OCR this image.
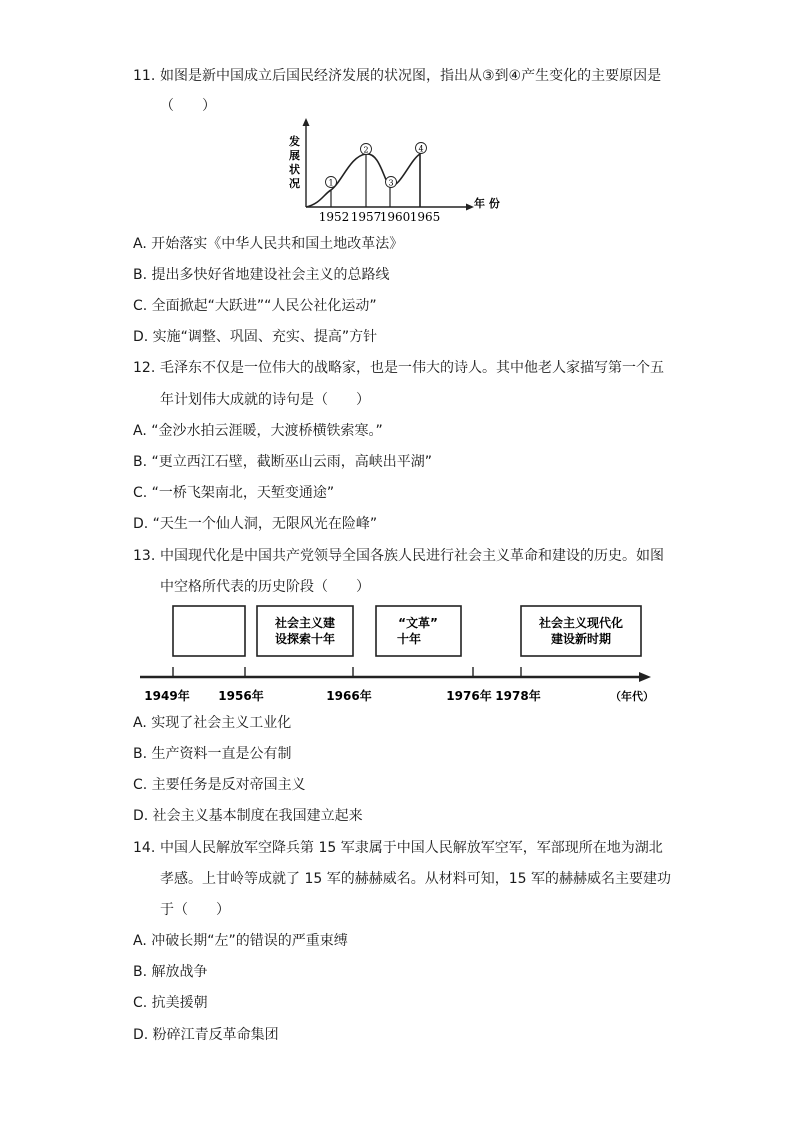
11. 如图是新中国成立后国民经济发展的状况图，指出从③到④产生变化的主要原因是
（　　）
发
展
状
况	1
2
3
4
1952 1957
1960 1965
年 份
A. 开始落实《中华人民共和国土地改革法》
B. 提出多快好省地建设社会主义的总路线
C. 全面掀起“大跃进”“人民公社化运动”
D. 实施“调整、巩固、充实、提高”方针
12. 毛泽东不仅是一位伟大的战略家，也是一伟大的诗人。其中他老人家描写第一个五
年计划伟大成就的诗句是（　　）
A. “金沙水拍云涯暖，大渡桥横铁索寒。”
B. “更立西江石壁，截断巫山云雨，高峡出平湖”
C. “一桥飞架南北，天堑变通途”
D. “天生一个仙人洞，无限风光在险峰”
13. 中国现代化是中国共产党领导全国各族人民进行社会主义革命和建设的历史。如图
中空格所代表的历史阶段（　　）
社会主义建
设探索十年
“文革”
十年
社会主义现代化
建设新时期
1949年 1956年	1966年	1976年 1978年	（年代）
A. 实现了社会主义工业化
B. 生产资料一直是公有制
C. 主要任务是反对帝国主义
D. 社会主义基本制度在我国建立起来
14. 中国人民解放军空降兵第 15 军隶属于中国人民解放军空军，军部现所在地为湖北
孝感。上甘岭等成就了 15 军的赫赫威名。从材料可知，15 军的赫赫威名主要建功
于（　　）
A. 冲破长期“左”的错误的严重束缚
B. 解放战争
C. 抗美援朝
D. 粉碎江青反革命集团
